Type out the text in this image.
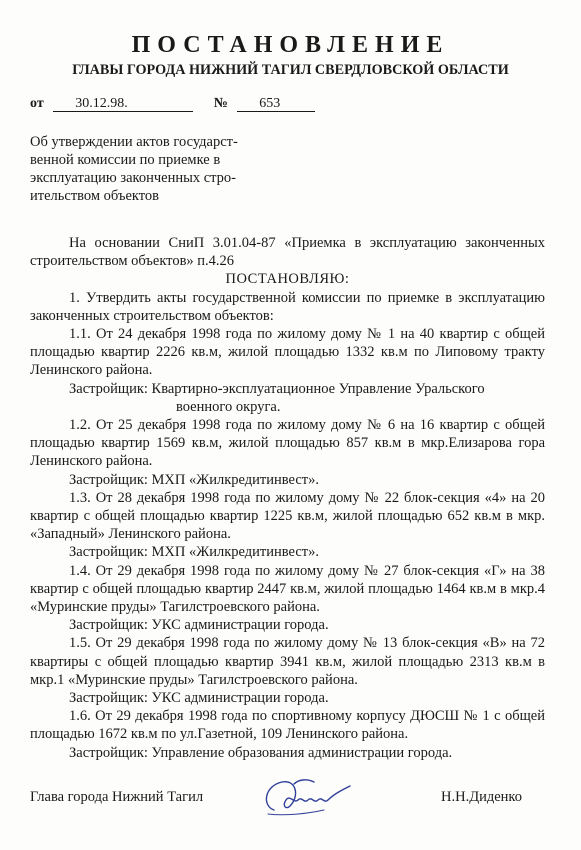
ПОСТАНОВЛЕНИЕ
ГЛАВЫ ГОРОДА НИЖНИЙ ТАГИЛ СВЕРДЛОВСКОЙ ОБЛАСТИ
от 30.12.98.	№ 653
Об утверждении актов государст-
венной комиссии по приемке в
эксплуатацию законченных стро-
ительством объектов

На основании СниП 3.01.04-87 «Приемка в эксплуатацию законченных строительством объектов» п.4.26

ПОСТАНОВЛЯЮ:

1. Утвердить акты государственной комиссии по приемке в эксплуатацию законченных строительством объектов:

1.1. От 24 декабря 1998 года по жилому дому № 1 на 40 квартир с общей площадью квартир 2226 кв.м, жилой площадью 1332 кв.м по Липовому тракту Ленинского района.

Застройщик: Квартирно-эксплуатационное Управление Уральского

военного округа.

1.2. От 25 декабря 1998 года по жилому дому № 6 на 16 квартир с общей площадью квартир 1569 кв.м, жилой площадью 857 кв.м в мкр.Елизарова гора Ленинского района.

Застройщик: МХП «Жилкредитинвест».

1.3. От 28 декабря 1998 года по жилому дому № 22 блок-секция «4» на 20 квартир с общей площадью квартир 1225 кв.м, жилой площадью 652 кв.м в мкр. «Западный» Ленинского района.

Застройщик: МХП «Жилкредитинвест».

1.4. От 29 декабря 1998 года по жилому дому № 27 блок-секция «Г» на 38 квартир с общей площадью квартир 2447 кв.м, жилой площадью 1464 кв.м в мкр.4 «Муринские пруды» Тагилстроевского района.

Застройщик: УКС администрации города.

1.5. От 29 декабря 1998 года по жилому дому № 13 блок-секция «В» на 72 квартиры с общей площадью квартир 3941 кв.м, жилой площадью 2313 кв.м в мкр.1 «Муринские пруды» Тагилстроевского района.

Застройщик: УКС администрации города.

1.6. От 29 декабря 1998 года по спортивному корпусу ДЮСШ № 1 с общей площадью 1672 кв.м по ул.Газетной, 109 Ленинского района.

Застройщик: Управление образования администрации города.

Глава города Нижний Тагил	Н.Н.Диденко
